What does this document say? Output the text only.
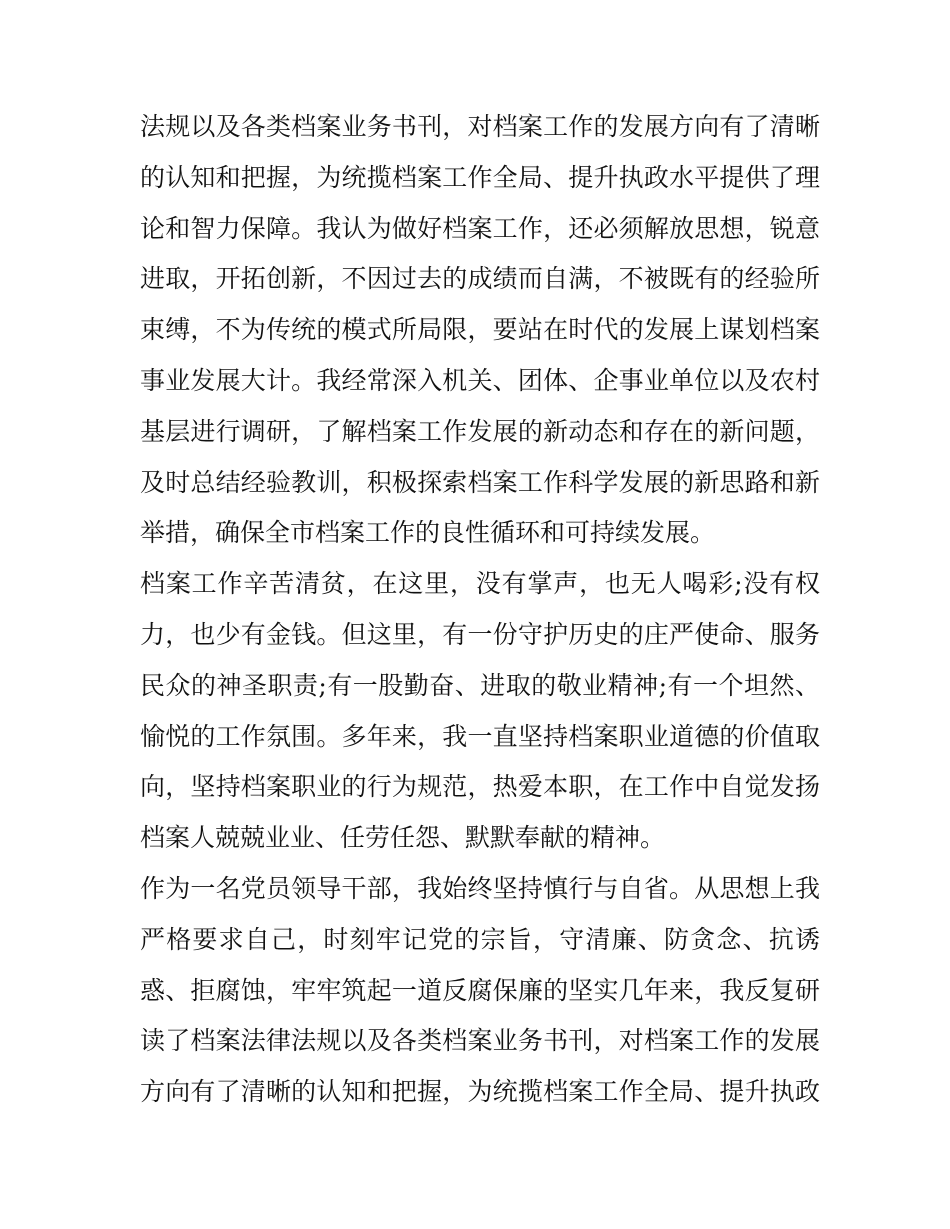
法规以及各类档案业务书刊，对档案工作的发展方向有了清晰
的认知和把握，为统揽档案工作全局、提升执政水平提供了理
论和智力保障。我认为做好档案工作，还必须解放思想，锐意
进取，开拓创新，不因过去的成绩而自满，不被既有的经验所
束缚，不为传统的模式所局限，要站在时代的发展上谋划档案
事业发展大计。我经常深入机关、团体、企事业单位以及农村
基层进行调研，了解档案工作发展的新动态和存在的新问题，
及时总结经验教训，积极探索档案工作科学发展的新思路和新
举措，确保全市档案工作的良性循环和可持续发展。
档案工作辛苦清贫，在这里，没有掌声，也无人喝彩;没有权
力，也少有金钱。但这里，有一份守护历史的庄严使命、服务
民众的神圣职责;有一股勤奋、进取的敬业精神;有一个坦然、
愉悦的工作氛围。多年来，我一直坚持档案职业道德的价值取
向，坚持档案职业的行为规范，热爱本职，在工作中自觉发扬
档案人兢兢业业、任劳任怨、默默奉献的精神。
作为一名党员领导干部，我始终坚持慎行与自省。从思想上我
严格要求自己，时刻牢记党的宗旨，守清廉、防贪念、抗诱
惑、拒腐蚀，牢牢筑起一道反腐保廉的坚实几年来，我反复研
读了档案法律法规以及各类档案业务书刊，对档案工作的发展
方向有了清晰的认知和把握，为统揽档案工作全局、提升执政
